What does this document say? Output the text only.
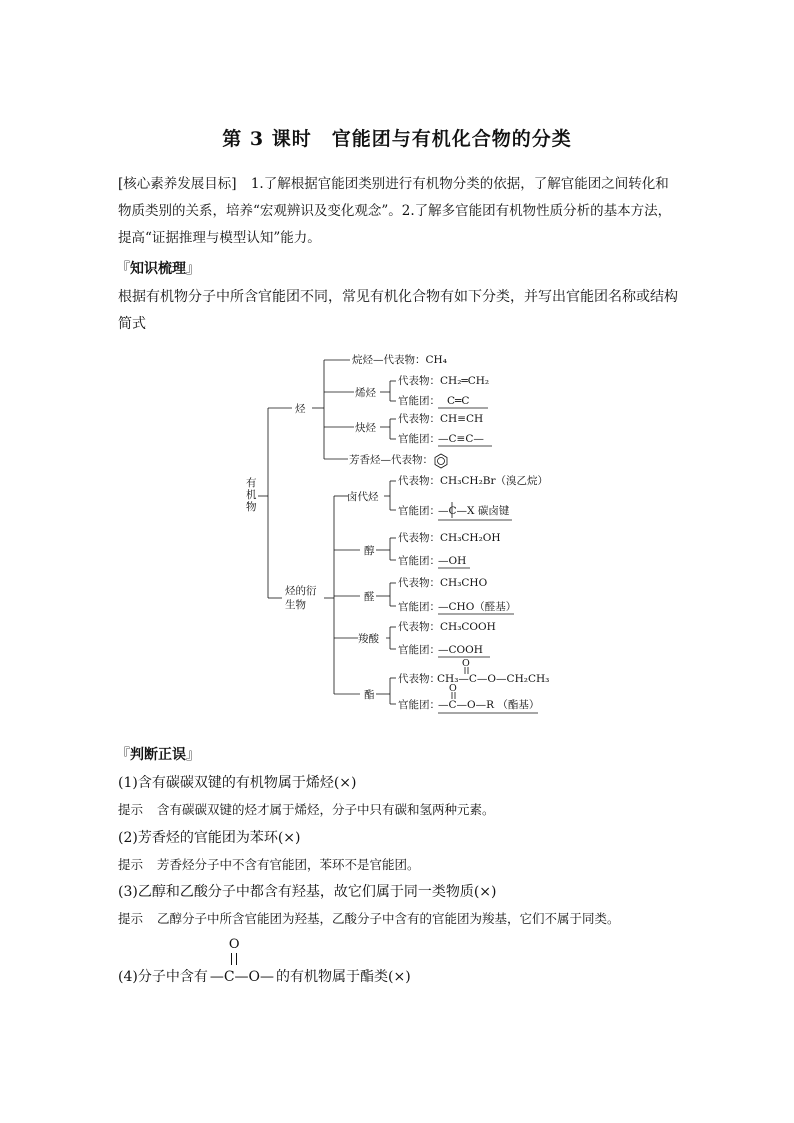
第 3 课时　官能团与有机化合物的分类
[核心素养发展目标] 1.了解根据官能团类别进行有机物分类的依据，了解官能团之间转化和物质类别的关系，培养“宏观辨识及变化观念”。2.了解多官能团有机物性质分析的基本方法，提高“证据推理与模型认知”能力。
『知识梳理』
根据有机物分子中所含官能团不同，常见有机化合物有如下分类，并写出官能团名称或结构简式
有机物
烃
烃的衍
生物
烷烃—代表物：CH₄
烯烃
代表物：CH₂═CH₂
官能团： C═C
炔烃
代表物：CH≡CH
官能团：
—C≡C—
芳香烃—代表物：
卤代烃
代表物：CH₃CH₂Br（溴乙烷）
官能团：
—C—X 碳卤键
醇
代表物：CH₃CH₂OH
官能团：
—OH
醛
代表物：CH₃CHO
官能团：
—CHO（醛基）
羧酸
代表物：CH₃COOH
官能团：
—COOH
酯
O
代表物：
CH₃—C—O—CH₂CH₃
O
官能团：
—C—O—R （酯基）
『判断正误』
(1)含有碳碳双键的有机物属于烯烃(×)
提示 含有碳碳双键的烃才属于烯烃，分子中只有碳和氢两种元素。
(2)芳香烃的官能团为苯环(×)
提示 芳香烃分子中不含有官能团，苯环不是官能团。
(3)乙醇和乙酸分子中都含有羟基，故它们属于同一类物质(×)
提示 乙醇分子中所含官能团为羟基，乙酸分子中含有的官能团为羧基，它们不属于同类。
(4)分子中含有
O
—C—O— 的有机物属于酯类(×)
